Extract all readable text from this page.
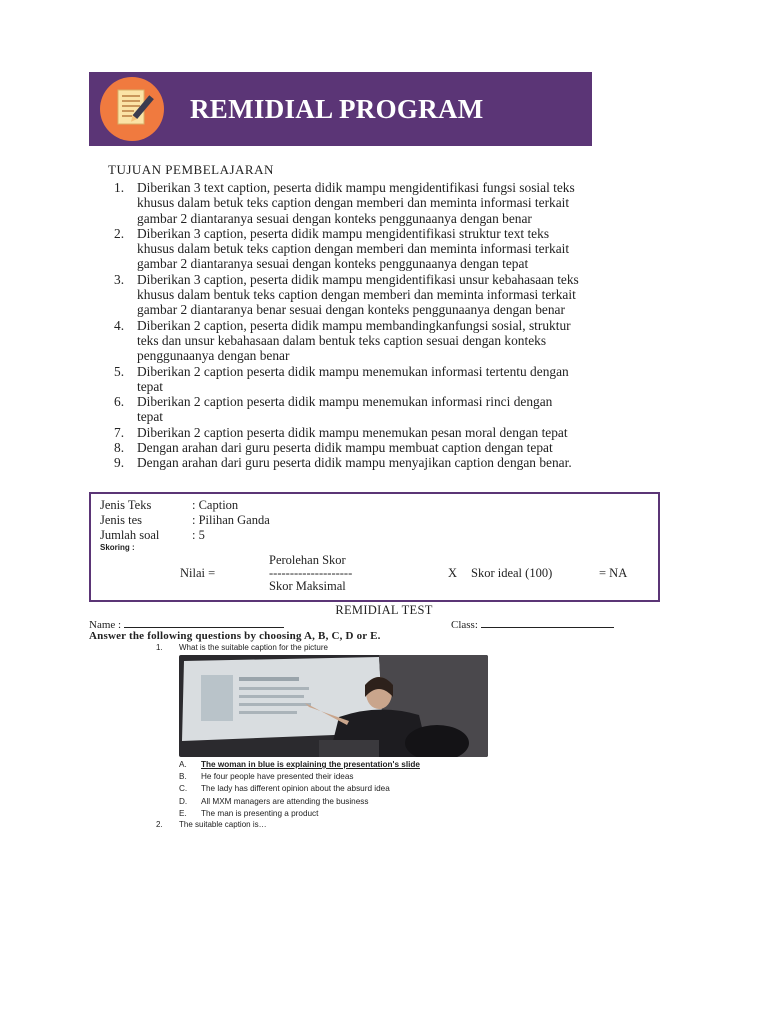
REMIDIAL PROGRAM
TUJUAN PEMBELAJARAN
1. Diberikan 3 text caption, peserta didik mampu mengidentifikasi fungsi sosial teks
khusus dalam betuk teks caption dengan memberi dan meminta informasi terkait
gambar 2 diantaranya sesuai dengan konteks penggunaanya dengan benar
2. Diberikan 3 caption, peserta didik mampu mengidentifikasi struktur text teks
khusus dalam betuk teks caption dengan memberi dan meminta informasi terkait
gambar 2 diantaranya sesuai dengan konteks penggunaanya dengan tepat
3. Diberikan 3 caption, peserta didik mampu mengidentifikasi unsur kebahasaan teks
khusus dalam bentuk teks caption dengan memberi dan meminta informasi terkait
gambar 2 diantaranya benar sesuai dengan konteks penggunaanya dengan benar
4. Diberikan 2 caption, peserta didik mampu membandingkanfungsi sosial, struktur
teks dan unsur kebahasaan dalam bentuk teks caption sesuai dengan konteks
penggunaanya dengan benar
5. Diberikan 2 caption peserta didik mampu menemukan informasi tertentu dengan
tepat
6. Diberikan 2 caption peserta didik mampu menemukan informasi rinci dengan
tepat
7. Diberikan 2 caption peserta didik mampu menemukan pesan moral dengan tepat
8. Dengan arahan dari guru peserta didik mampu membuat caption dengan tepat
9. Dengan arahan dari guru peserta didik mampu menyajikan caption dengan benar.
Jenis Teks	: Caption
Jenis tes	: Pilihan Ganda
Jumlah soal	: 5
Skoring :
Nilai =
Perolehan Skor
--------------------
Skor Maksimal
X Skor ideal (100)	= NA
REMIDIAL TEST
Name :	Class:
Answer the following questions by choosing A, B, C, D or E.
1. What is the suitable caption for the picture
A. The woman in blue is explaining the presentation's slide
B. He four people have presented their ideas
C. The lady has different opinion about the absurd idea
D. All MXM managers are attending the business
E. The man is presenting a product
2. The suitable caption is…
